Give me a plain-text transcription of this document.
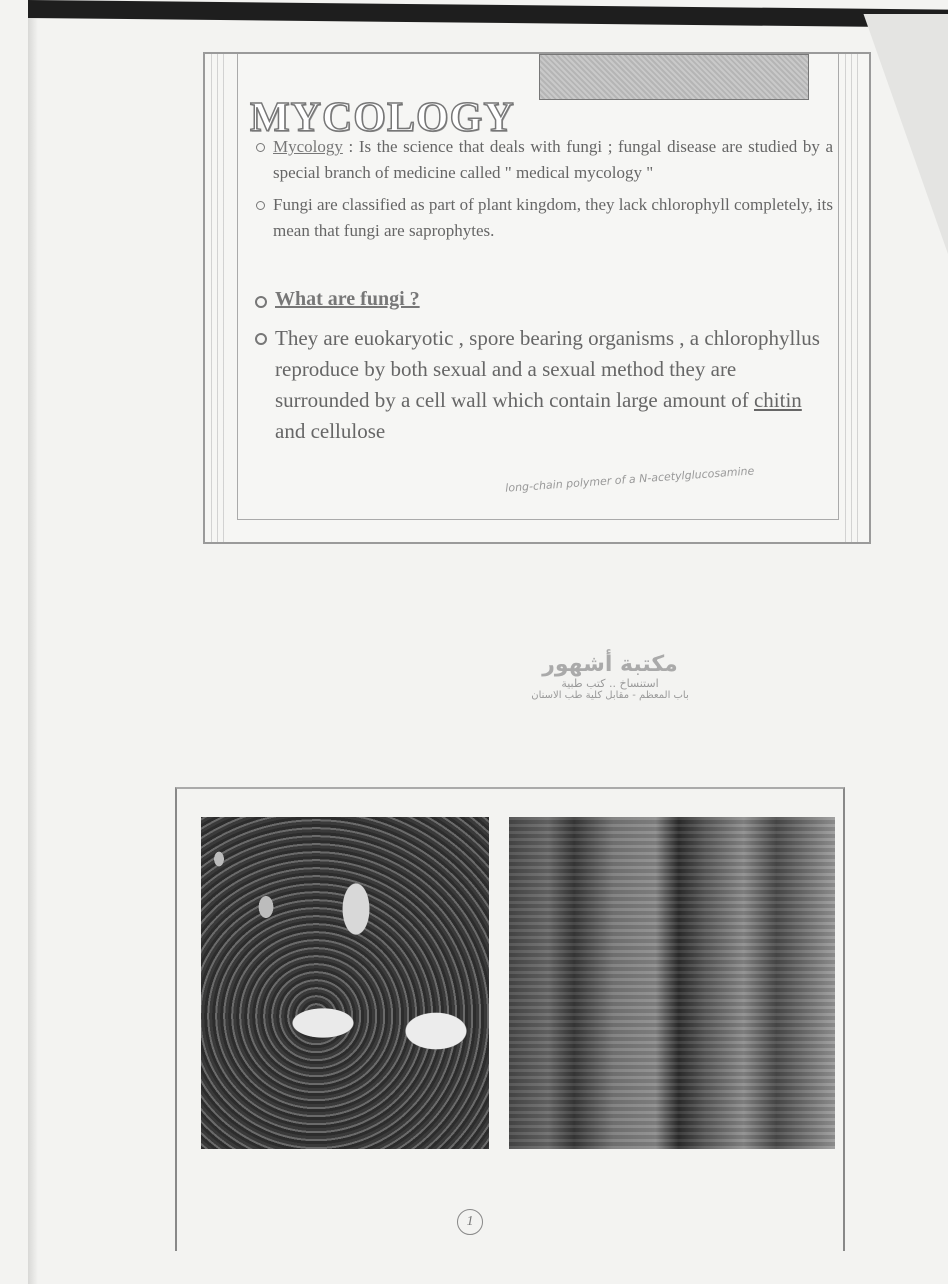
MYCOLOGY
Mycology : Is the science that deals with fungi ; fungal disease are studied by a special branch of medicine called " medical mycology "
Fungi are classified as part of plant kingdom, they lack chlorophyll completely, its mean that fungi are saprophytes.
What are fungi ?
They are euokaryotic , spore bearing organisms , a chlorophyllus reproduce by both sexual and a sexual method they are surrounded by a cell wall which contain large amount of chitin and cellulose
long-chain polymer of a N-acetylglucosamine
مكتبة أشهور
استنساخ .. كتب طبية
باب المعظم - مقابل كلية طب الاسنان
1
